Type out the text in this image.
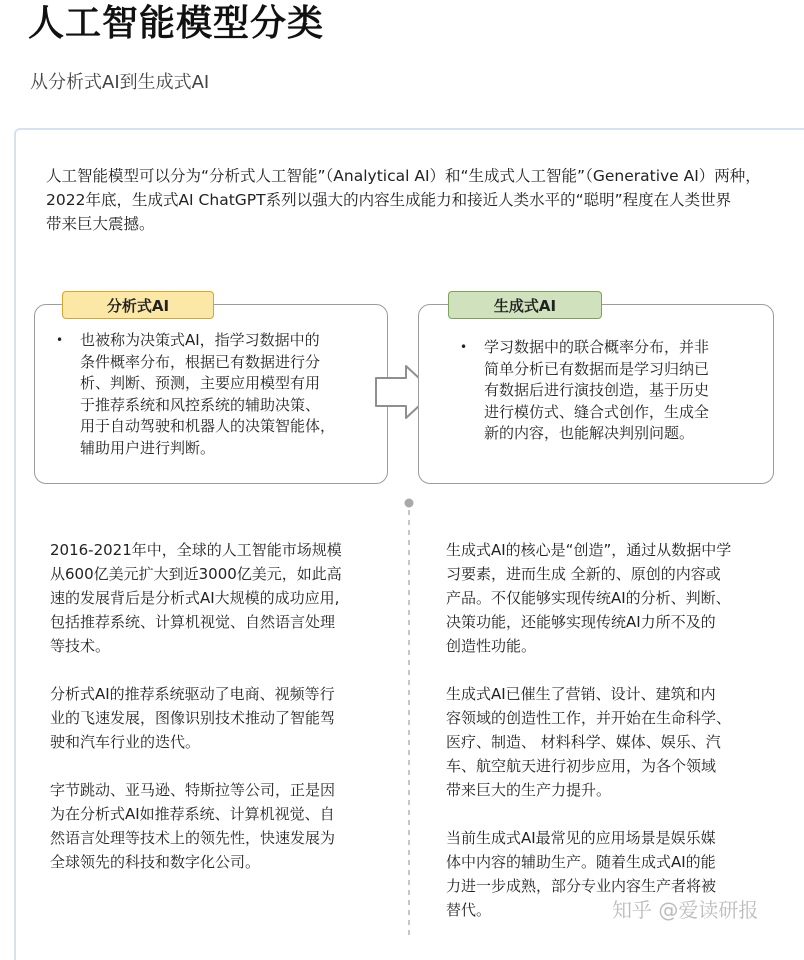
人工智能模型分类
从分析式AI到生成式AI
人工智能模型可以分为“分析式人工智能”（Analytical AI）和“生成式人工智能”（Generative AI）两种，
2022年底，生成式AI ChatGPT系列以强大的内容生成能力和接近人类水平的“聪明”程度在人类世界
带来巨大震撼。
分析式AI
• 也被称为决策式AI，指学习数据中的
条件概率分布，根据已有数据进行分
析、判断、预测，主要应用模型有用
于推荐系统和风控系统的辅助决策、
用于自动驾驶和机器人的决策智能体，
辅助用户进行判断。
生成式AI
• 学习数据中的联合概率分布，并非
简单分析已有数据而是学习归纳已
有数据后进行演技创造，基于历史
进行模仿式、缝合式创作，生成全
新的内容，也能解决判别问题。
2016-2021年中，全球的人工智能市场规模
从600亿美元扩大到近3000亿美元，如此高
速的发展背后是分析式AI大规模的成功应用,
包括推荐系统、计算机视觉、自然语言处理
等技术。
分析式AI的推荐系统驱动了电商、视频等行
业的飞速发展，图像识别技术推动了智能驾
驶和汽车行业的迭代。
字节跳动、亚马逊、特斯拉等公司，正是因
为在分析式AI如推荐系统、计算机视觉、自
然语言处理等技术上的领先性，快速发展为
全球领先的科技和数字化公司。
生成式AI的核心是“创造”，通过从数据中学
习要素，进而生成 全新的、原创的内容或
产品。不仅能够实现传统AI的分析、判断、
决策功能，还能够实现传统AI力所不及的
创造性功能。
生成式AI已催生了营销、设计、建筑和内
容领域的创造性工作，并开始在生命科学、
医疗、制造、 材料科学、媒体、娱乐、汽
车、航空航天进行初步应用，为各个领域
带来巨大的生产力提升。
当前生成式AI最常见的应用场景是娱乐媒
体中内容的辅助生产。随着生成式AI的能
力进一步成熟，部分专业内容生产者将被
替代。	知乎 @爱读研报
